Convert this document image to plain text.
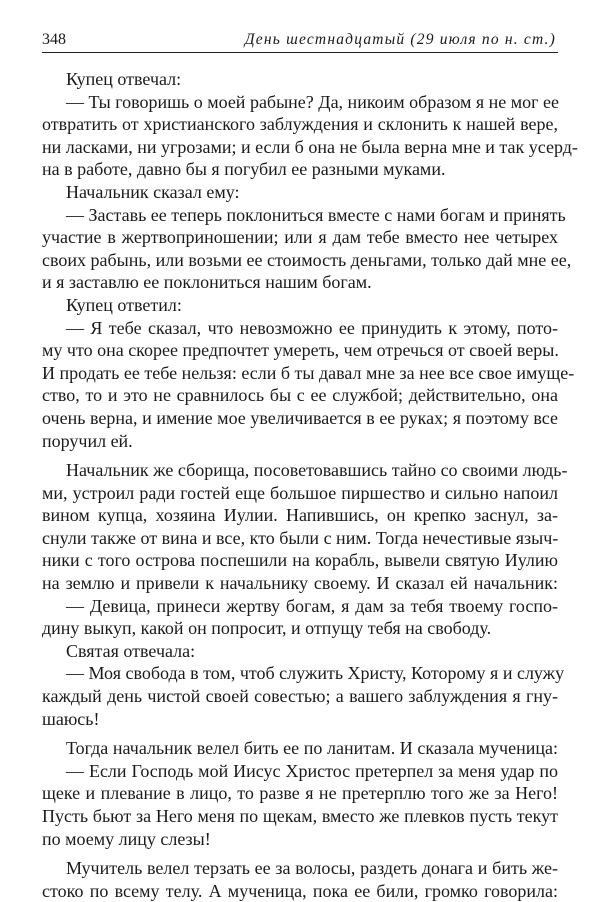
348	День шестнадцатый (29 июля по н. ст.)
Купец отвечал:
— Ты говоришь о моей рабыне? Да, никоим образом я не мог ее
отвратить от христианского заблуждения и склонить к нашей вере,
ни ласками, ни угрозами; и если б она не была верна мне и так усерд-
на в работе, давно бы я погубил ее разными муками.
Начальник сказал ему:
— Заставь ее теперь поклониться вместе с нами богам и принять
участие в жертвоприношении; или я дам тебе вместо нее четырех
своих рабынь, или возьми ее стоимость деньгами, только дай мне ее,
и я заставлю ее поклониться нашим богам.
Купец ответил:
— Я тебе сказал, что невозможно ее принудить к этому, пото-
му что она скорее предпочтет умереть, чем отречься от своей веры.
И продать ее тебе нельзя: если б ты давал мне за нее все свое имуще-
ство, то и это не сравнилось бы с ее службой; действительно, она
очень верна, и имение мое увеличивается в ее руках; я поэтому все
поручил ей.
Начальник же сборища, посоветовавшись тайно со своими людь-
ми, устроил ради гостей еще большое пиршество и сильно напоил
вином купца, хозяина Иулии. Напившись, он крепко заснул, за-
снули также от вина и все, кто были с ним. Тогда нечестивые языч-
ники с того острова поспешили на корабль, вывели святую Иулию
на землю и привели к начальнику своему. И сказал ей начальник:
— Девица, принеси жертву богам, я дам за тебя твоему госпо-
дину выкуп, какой он попросит, и отпущу тебя на свободу.
Святая отвечала:
— Моя свобода в том, чтоб служить Христу, Которому я и служу
каждый день чистой своей совестью; а вашего заблуждения я гну-
шаюсь!
Тогда начальник велел бить ее по ланитам. И сказала мученица:
— Если Господь мой Иисус Христос претерпел за меня удар по
щеке и плевание в лицо, то разве я не претерплю того же за Него!
Пусть бьют за Него меня по щекам, вместо же плевков пусть текут
по моему лицу слезы!
Мучитель велел терзать ее за волосы, раздеть донага и бить же-
стоко по всему телу. А мученица, пока ее били, громко говорила:
